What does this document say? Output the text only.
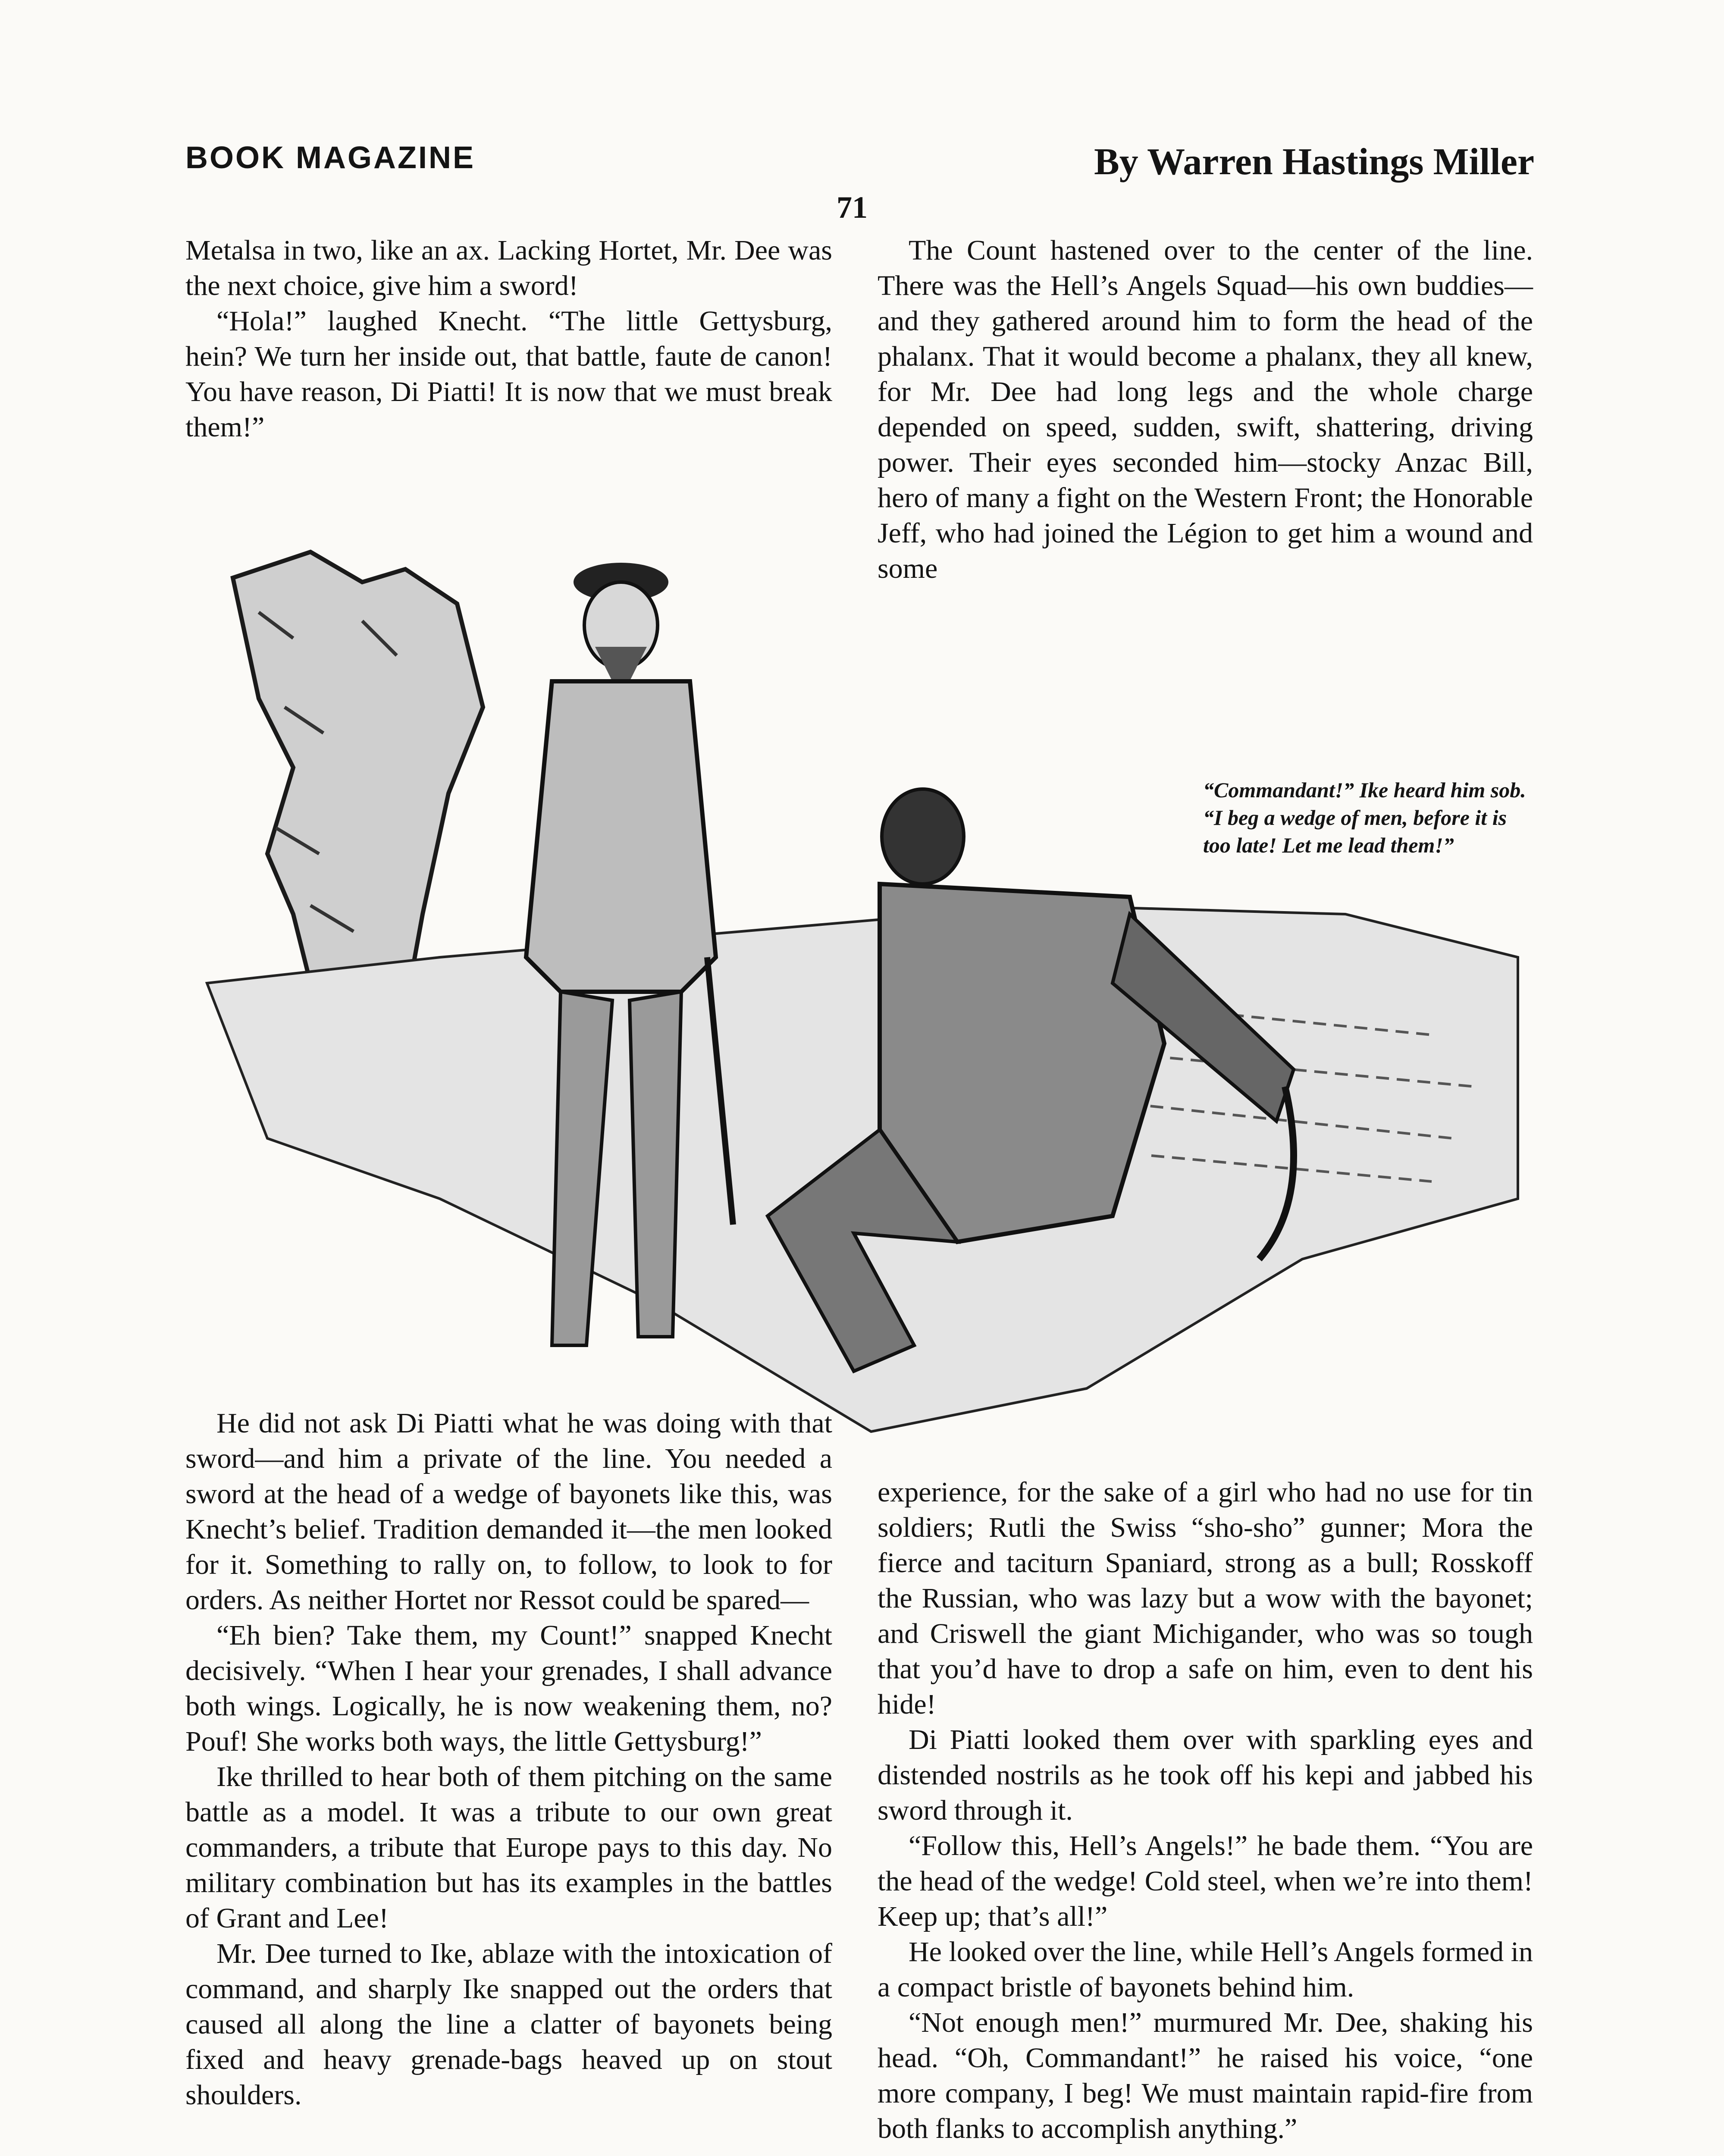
BOOK MAGAZINE	By Warren Hastings Miller
71

Metalsa in two, like an ax. Lacking Hortet, Mr. Dee was the next choice, give him a sword!

“Hola!” laughed Knecht. “The little Gettysburg, hein? We turn her inside out, that battle, faute de canon! You have reason, Di Piatti! It is now that we must break them!”

The Count hastened over to the center of the line. There was the Hell’s Angels Squad—his own buddies—and they gathered around him to form the head of the phalanx. That it would become a phalanx, they all knew, for Mr. Dee had long legs and the whole charge depended on speed, sudden, swift, shattering, driving power. Their eyes seconded him—stocky Anzac Bill, hero of many a fight on the Western Front; the Honorable Jeff, who had joined the Légion to get him a wound and some

“Commandant!” Ike heard him sob. “I beg a wedge of men, before it is too late! Let me lead them!”

He did not ask Di Piatti what he was doing with that sword—and him a private of the line. You needed a sword at the head of a wedge of bayonets like this, was Knecht’s belief. Tradition demanded it—the men looked for it. Something to rally on, to follow, to look to for orders. As neither Hortet nor Ressot could be spared—

“Eh bien? Take them, my Count!” snapped Knecht decisively. “When I hear your grenades, I shall advance both wings. Logically, he is now weakening them, no? Pouf! She works both ways, the little Gettysburg!”

Ike thrilled to hear both of them pitching on the same battle as a model. It was a tribute to our own great commanders, a tribute that Europe pays to this day. No military combination but has its examples in the battles of Grant and Lee!

Mr. Dee turned to Ike, ablaze with the intoxication of command, and sharply Ike snapped out the orders that caused all along the line a clatter of bayonets being fixed and heavy grenade-bags heaved up on stout shoulders.

experience, for the sake of a girl who had no use for tin soldiers; Rutli the Swiss “sho-sho” gunner; Mora the fierce and taciturn Spaniard, strong as a bull; Rosskoff the Russian, who was lazy but a wow with the bayonet; and Criswell the giant Michigander, who was so tough that you’d have to drop a safe on him, even to dent his hide!

Di Piatti looked them over with sparkling eyes and distended nostrils as he took off his kepi and jabbed his sword through it.

“Follow this, Hell’s Angels!” he bade them. “You are the head of the wedge! Cold steel, when we’re into them! Keep up; that’s all!”

He looked over the line, while Hell’s Angels formed in a compact bristle of bayonets behind him.

“Not enough men!” murmured Mr. Dee, shaking his head. “Oh, Commandant!” he raised his voice, “one more company, I beg! We must maintain rapid-fire from both flanks to accomplish anything.”
